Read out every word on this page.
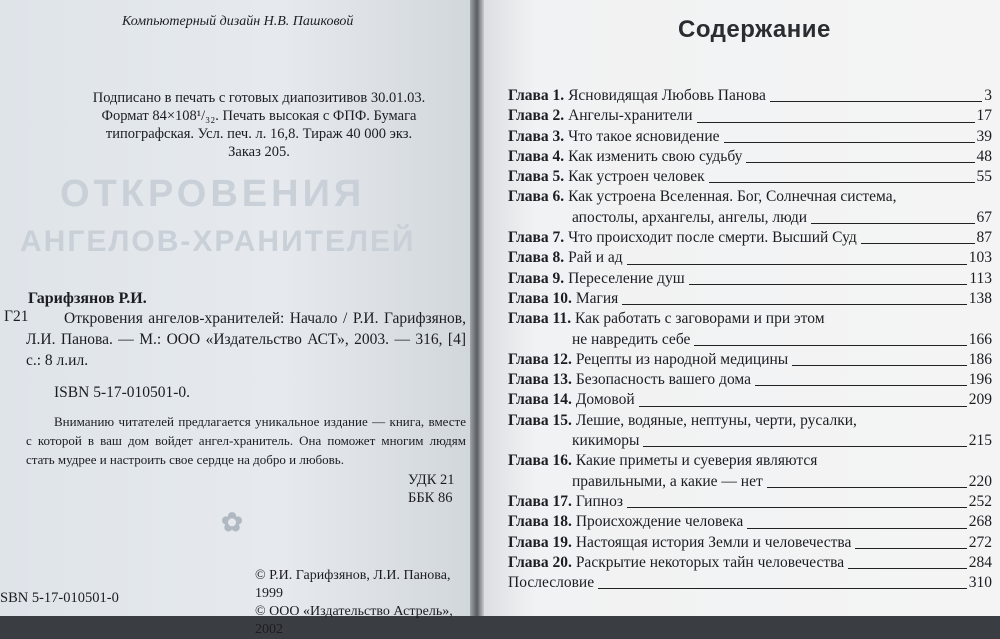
ОТКРОВЕНИЯ
АНГЕЛОВ-ХРАНИТЕЛЕЙ
Компьютерный дизайн Н.В. Пашковой
Подписано в печать с готовых диапозитивов 30.01.03.
Формат 84×108¹/₃₂. Печать высокая с ФПФ. Бумага
типографская. Усл. печ. л. 16,8. Тираж 40 000 экз.
Заказ 205.
Гарифзянов Р.И.
Г21	Откровения ангелов-хранителей: Начало / Р.И. Гарифзянов, Л.И. Панова. — М.: ООО «Издательство АСТ», 2003. — 316, [4] с.: 8 л.ил.
ISBN 5-17-010501-0.
Вниманию читателей предлагается уникальное издание — книга, вместе с которой в ваш дом войдет ангел-хранитель. Она поможет многим людям стать мудрее и настроить свое сердце на добро и любовь.
УДК 21
ББК 86
✿
SBN 5-17-010501-0
© Р.И. Гарифзянов, Л.И. Панова, 1999
© ООО «Издательство Астрель», 2002
Содержание
Глава 1. Ясновидящая Любовь Панова	3
Глава 2. Ангелы-хранители	17
Глава 3. Что такое ясновидение	39
Глава 4. Как изменить свою судьбу	48
Глава 5. Как устроен человек	55
Глава 6. Как устроена Вселенная. Бог, Солнечная система,
апостолы, архангелы, ангелы, люди	67
Глава 7. Что происходит после смерти. Высший Суд	87
Глава 8. Рай и ад	103
Глава 9. Переселение душ	113
Глава 10. Магия	138
Глава 11. Как работать с заговорами и при этом
не навредить себе	166
Глава 12. Рецепты из народной медицины	186
Глава 13. Безопасность вашего дома	196
Глава 14. Домовой	209
Глава 15. Лешие, водяные, нептуны, черти, русалки,
кикиморы	215
Глава 16. Какие приметы и суеверия являются
правильными, а какие — нет	220
Глава 17. Гипноз	252
Глава 18. Происхождение человека	268
Глава 19. Настоящая история Земли и человечества	272
Глава 20. Раскрытие некоторых тайн человечества	284
Послесловие	310
